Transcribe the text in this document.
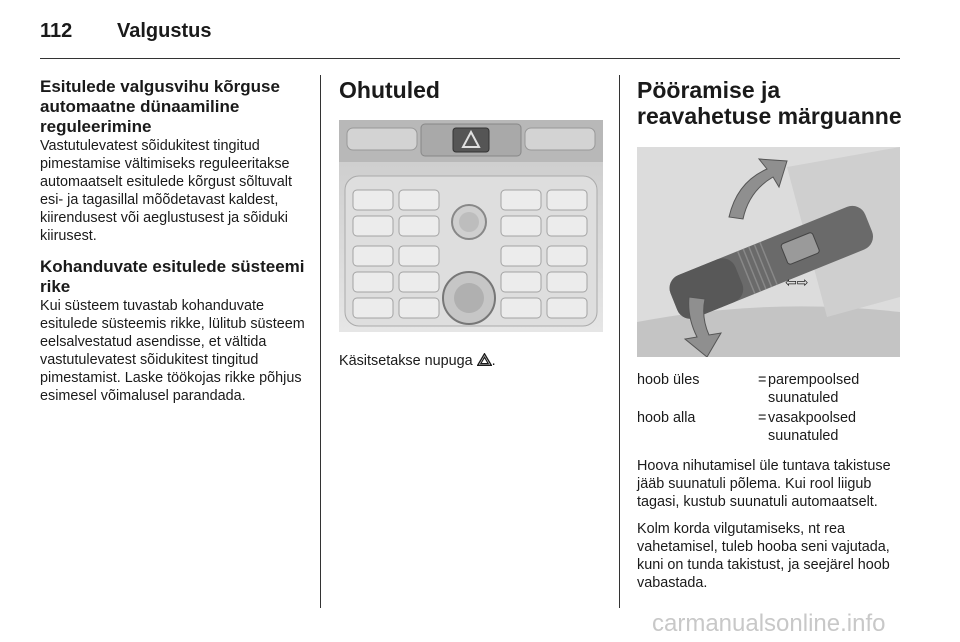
112 Valgustus
Esitulede valgusvihu kõrguse automaatne dünaamiline reguleerimine

Vastutulevatest sõidukitest tingitud pimestamise vältimiseks reguleeritakse automaatselt esitulede kõrgust sõltuvalt esi- ja tagasillal mõõdetavast kaldest, kiirendusest või aeglustusest ja sõiduki kiirusest.

Kohanduvate esitulede süsteemi rike

Kui süsteem tuvastab kohanduvate esitulede süsteemis rikke, lülitub süsteem eelsalvestatud asendisse, et vältida vastutulevatest sõidukitest tingitud pimestamist. Laske töökojas rikke põhjus esimesel võimalusel parandada.

Ohutuled

Käsitsetakse nupuga .

Pööramise ja reavahetuse märguanne
⇦⇨
hoob üles	= parempoolsed suunatuled
hoob alla	= vasakpoolsed suunatuled

Hoova nihutamisel üle tuntava takistuse jääb suunatuli põlema. Kui rool liigub tagasi, kustub suunatuli automaatselt.

Kolm korda vilgutamiseks, nt rea vahetamisel, tuleb hooba seni vajutada, kuni on tunda takistust, ja seejärel hoob vabastada.

carmanualsonline.info
